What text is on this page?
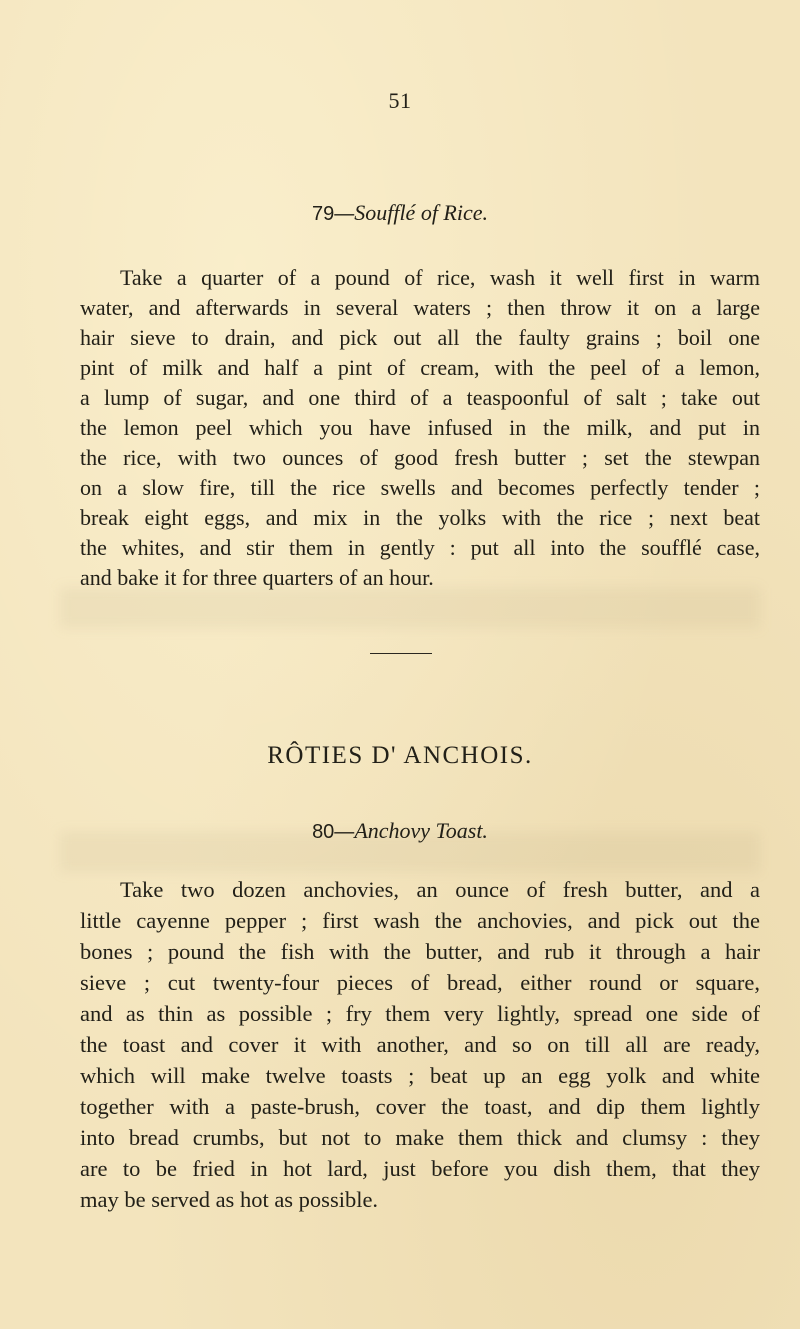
51
79—Soufflé of Rice.
Take a quarter of a pound of rice, wash it well first in warm
water, and afterwards in several waters ; then throw it on a large
hair sieve to drain, and pick out all the faulty grains ; boil one
pint of milk and half a pint of cream, with the peel of a lemon,
a lump of sugar, and one third of a teaspoonful of salt ; take out
the lemon peel which you have infused in the milk, and put in
the rice, with two ounces of good fresh butter ; set the stewpan
on a slow fire, till the rice swells and becomes perfectly tender ;
break eight eggs, and mix in the yolks with the rice ; next beat
the whites, and stir them in gently : put all into the soufflé case,
and bake it for three quarters of an hour.
RÔTIES D' ANCHOIS.
80—Anchovy Toast.
Take two dozen anchovies, an ounce of fresh butter, and a
little cayenne pepper ; first wash the anchovies, and pick out the
bones ; pound the fish with the butter, and rub it through a hair
sieve ; cut twenty-four pieces of bread, either round or square,
and as thin as possible ; fry them very lightly, spread one side of
the toast and cover it with another, and so on till all are ready,
which will make twelve toasts ; beat up an egg yolk and white
together with a paste-brush, cover the toast, and dip them lightly
into bread crumbs, but not to make them thick and clumsy : they
are to be fried in hot lard, just before you dish them, that they
may be served as hot as possible.
